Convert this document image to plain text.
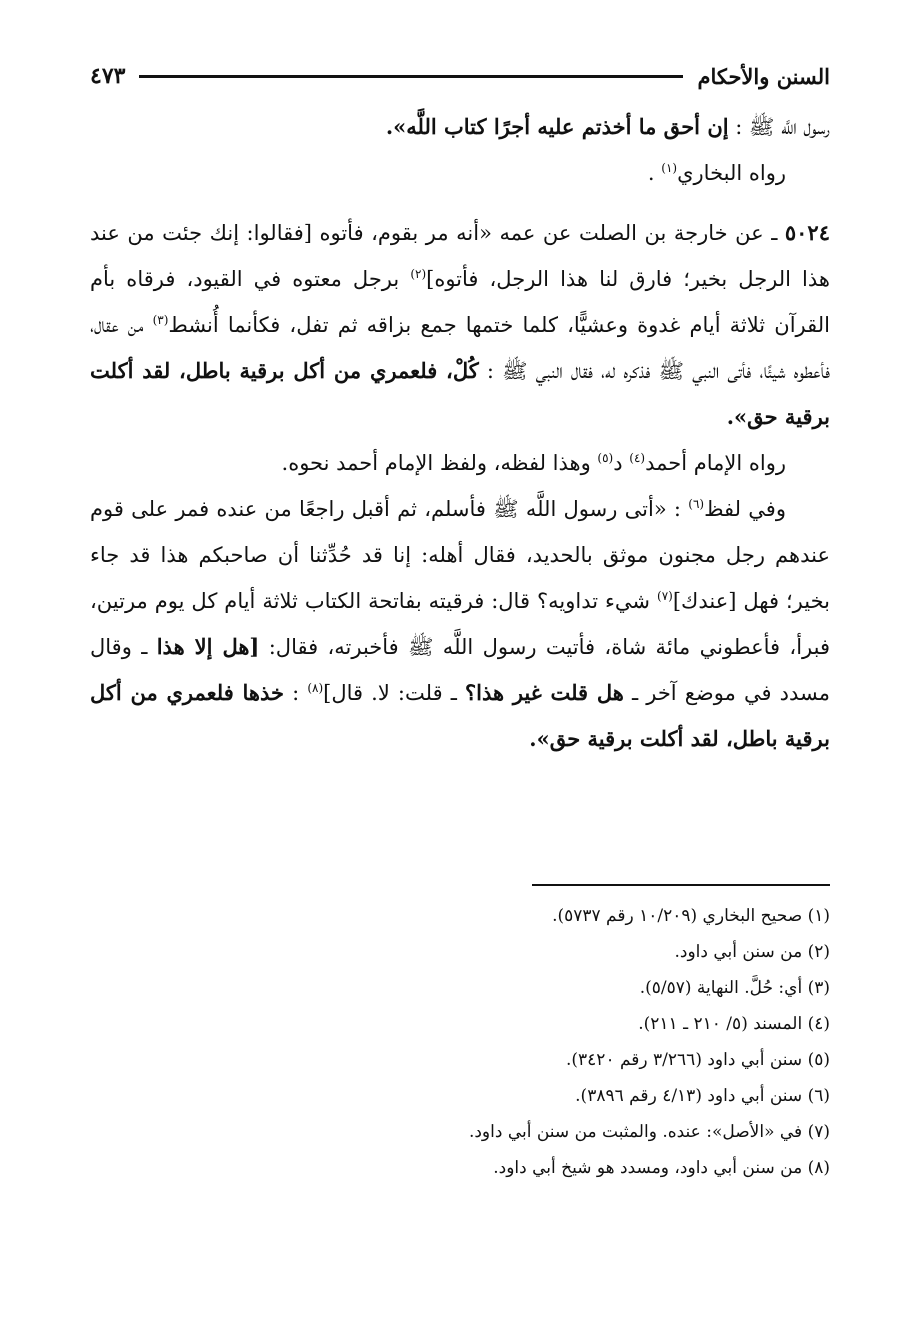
السنن والأحكام
٤٧٣

رسول اللَّه ﷺ : إن أحق ما أخذتم عليه أجرًا كتاب اللَّه».

رواه البخاري$^{(١)}$ .

٥٠٢٤ ـ عن خارجة بن الصلت عن عمه «أنه مر بقوم، فأتوه [فقالوا: إنك جئت من عند هذا الرجل بخير؛ فارق لنا هذا الرجل، فأتوه]$^{(٢)}$ برجل معتوه في القيود، فرقاه بأم القرآن ثلاثة أيام غدوة وعشيًّا، كلما ختمها جمع بزاقه ثم تفل، فكأنما أُنشط$^{(٣)}$ من عقال، فأعطوه شيئًا، فأتى النبي ﷺ فذكره له، فقال النبي ﷺ : كُلْ، فلعمري من أكل برقية باطل، لقد أكلت برقية حق».

رواه الإمام أحمد$^{(٤)}$ د$^{(٥)}$ وهذا لفظه، ولفظ الإمام أحمد نحوه.

وفي لفظ$^{(٦)}$ : «أتى رسول اللَّه ﷺ فأسلم، ثم أقبل راجعًا من عنده فمر على قوم عندهم رجل مجنون موثق بالحديد، فقال أهله: إنا قد حُدِّثنا أن صاحبكم هذا قد جاء بخير؛ فهل [عندك]$^{(٧)}$ شيء تداويه؟ قال: فرقيته بفاتحة الكتاب ثلاثة أيام كل يوم مرتين، فبرأ، فأعطوني مائة شاة، فأتيت رسول اللَّه ﷺ فأخبرته، فقال: [هل إلا هذا ـ وقال مسدد في موضع آخر ـ هل قلت غير هذا؟ ـ قلت: لا. قال]$^{(٨)}$ : خذها فلعمري من أكل برقية باطل، لقد أكلت برقية حق».

(١) صحيح البخاري (١٠/٢٠٩ رقم ٥٧٣٧).
(٢) من سنن أبي داود.
(٣) أي: حُلَّ. النهاية (٥/٥٧).
(٤) المسند (٥/ ٢١٠ ـ ٢١١).
(٥) سنن أبي داود (٣/٢٦٦ رقم ٣٤٢٠).
(٦) سنن أبي داود (٤/١٣ رقم ٣٨٩٦).
(٧) في «الأصل»: عنده. والمثبت من سنن أبي داود.
(٨) من سنن أبي داود، ومسدد هو شيخ أبي داود.
